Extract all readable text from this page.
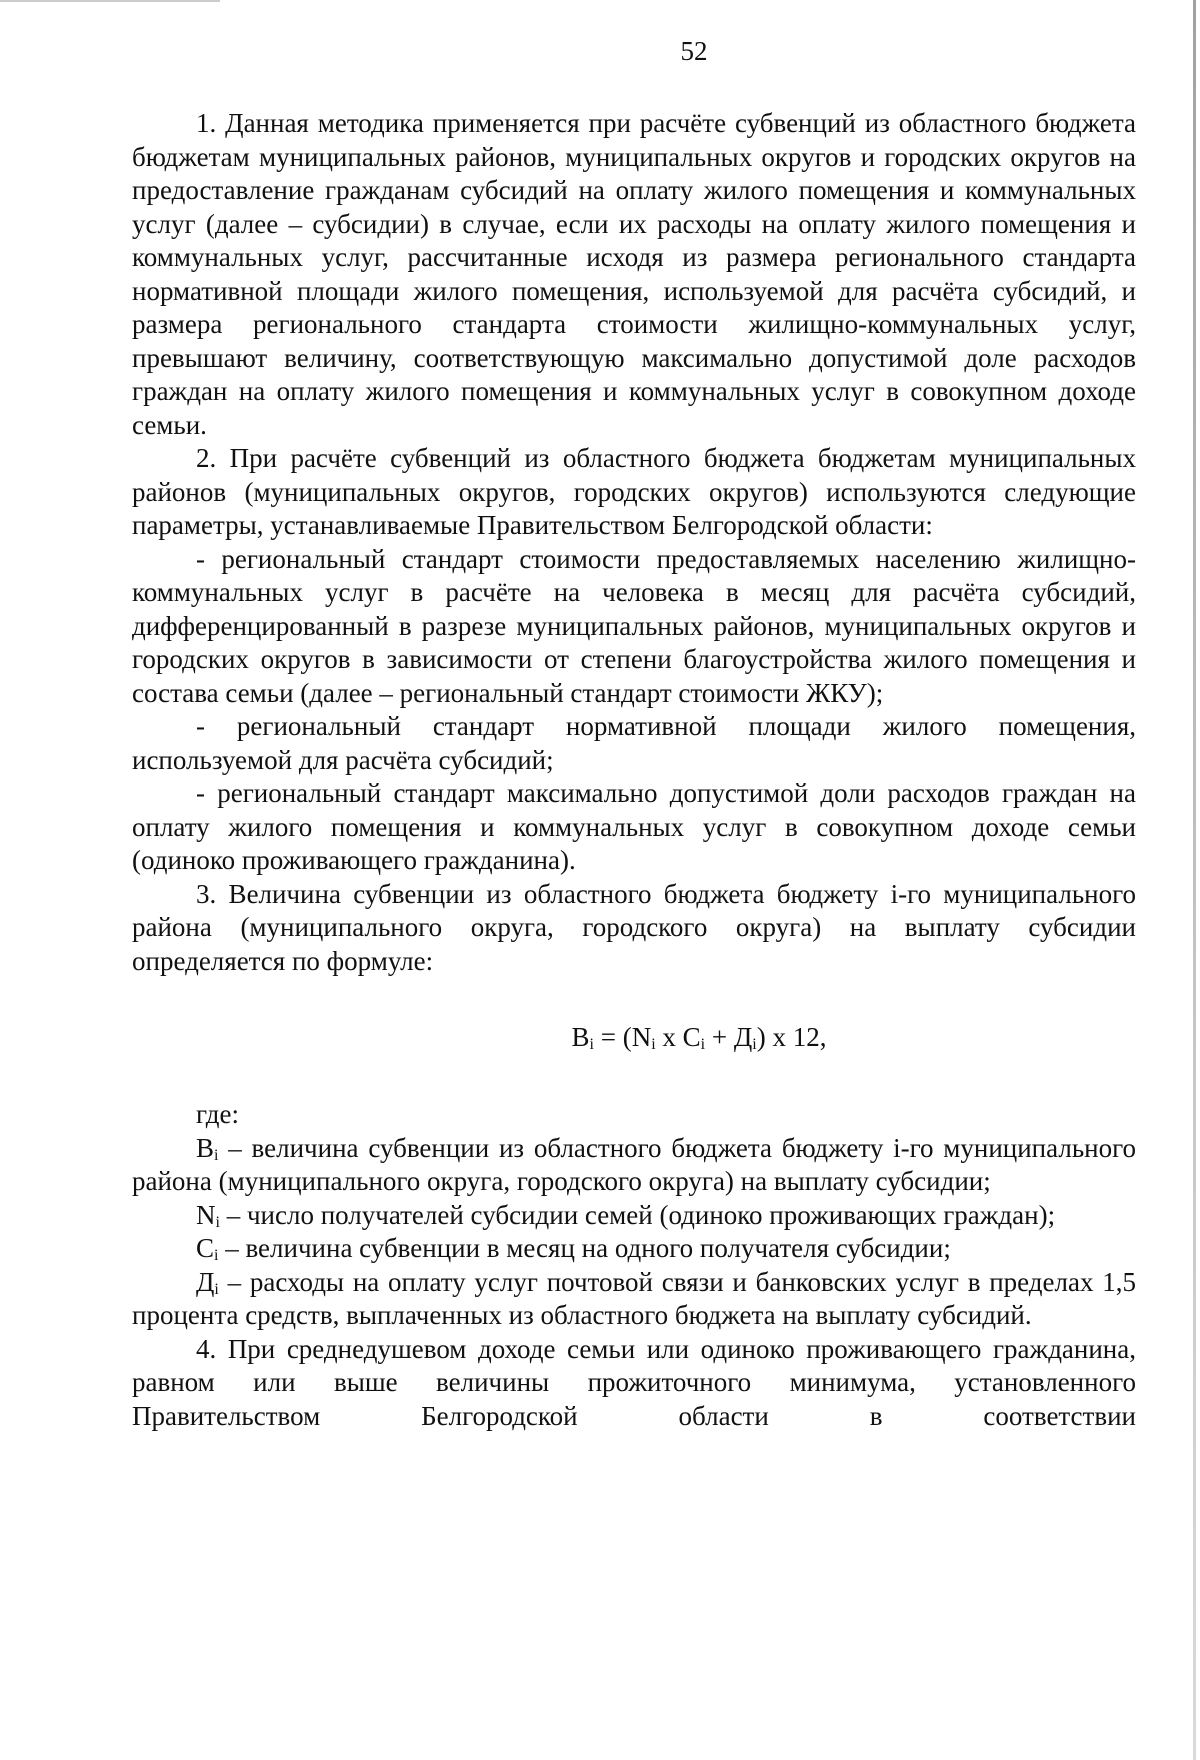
52

1. Данная методика применяется при расчёте субвенций из областного бюджета бюджетам муниципальных районов, муниципальных округов и городских округов на предоставление гражданам субсидий на оплату жилого помещения и коммунальных услуг (далее – субсидии) в случае, если их расходы на оплату жилого помещения и коммунальных услуг, рассчитанные исходя из размера регионального стандарта нормативной площади жилого помещения, используемой для расчёта субсидий, и размера регионального стандарта стоимости жилищно-коммунальных услуг, превышают величину, соответствующую максимально допустимой доле расходов граждан на оплату жилого помещения и коммунальных услуг в совокупном доходе семьи.

2. При расчёте субвенций из областного бюджета бюджетам муниципальных районов (муниципальных округов, городских округов) используются следующие параметры, устанавливаемые Правительством Белгородской области:

- региональный стандарт стоимости предоставляемых населению жилищно-коммунальных услуг в расчёте на человека в месяц для расчёта субсидий, дифференцированный в разрезе муниципальных районов, муниципальных округов и городских округов в зависимости от степени благоустройства жилого помещения и состава семьи (далее – региональный стандарт стоимости ЖКУ);

- региональный стандарт нормативной площади жилого помещения, используемой для расчёта субсидий;

- региональный стандарт максимально допустимой доли расходов граждан на оплату жилого помещения и коммунальных услуг в совокупном доходе семьи (одиноко проживающего гражданина).

3. Величина субвенции из областного бюджета бюджету i-го муниципального района (муниципального округа, городского округа) на выплату субсидии определяется по формуле:

$B_i = (N_i$ x $C_i + Д_i$) x 12,

где:

$B_i$ – величина субвенции из областного бюджета бюджету i-го муниципального района (муниципального округа, городского округа) на выплату субсидии;

$N_i$ – число получателей субсидии семей (одиноко проживающих граждан);

$C_i$ – величина субвенции в месяц на одного получателя субсидии;

$Д_i$ – расходы на оплату услуг почтовой связи и банковских услуг в пределах 1,5 процента средств, выплаченных из областного бюджета на выплату субсидий.

4. При среднедушевом доходе семьи или одиноко проживающего гражданина, равном или выше величины прожиточного минимума, установленного Правительством Белгородской области в соответствии
